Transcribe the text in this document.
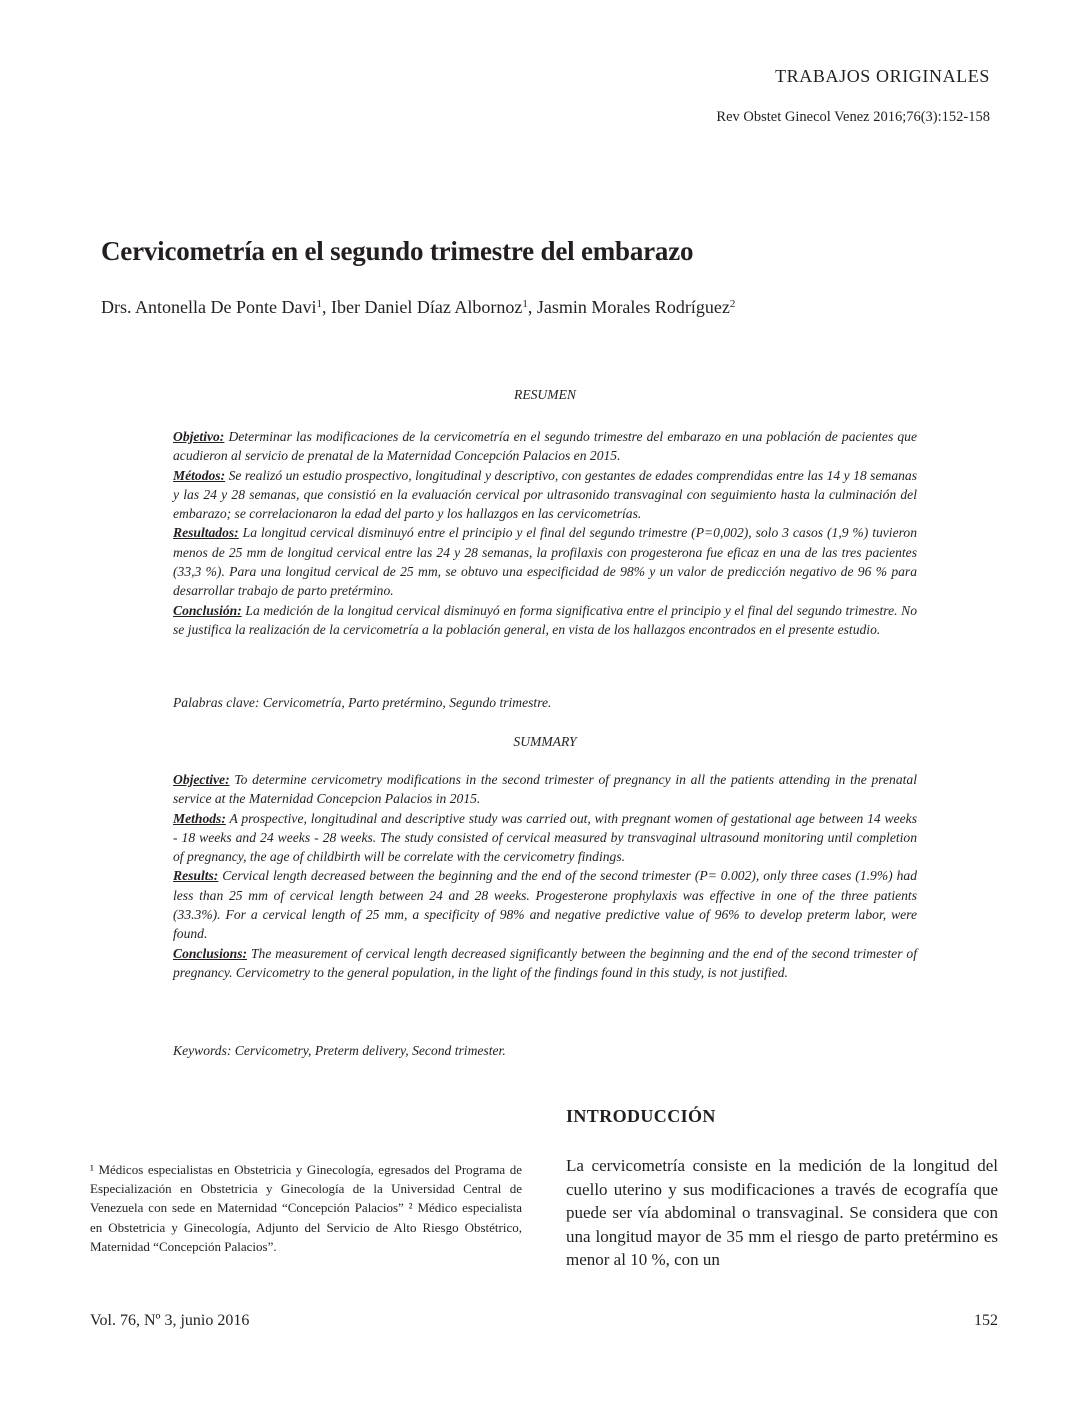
TRABAJOS ORIGINALES
Rev Obstet Ginecol Venez 2016;76(3):152-158
Cervicometría en el segundo trimestre del embarazo
Drs. Antonella De Ponte Davi$^1$, Iber Daniel Díaz Albornoz$^1$, Jasmin Morales Rodríguez$^2$
RESUMEN

Objetivo: Determinar las modificaciones de la cervicometría en el segundo trimestre del embarazo en una población de pacientes que acudieron al servicio de prenatal de la Maternidad Concepción Palacios en 2015.

Métodos: Se realizó un estudio prospectivo, longitudinal y descriptivo, con gestantes de edades comprendidas entre las 14 y 18 semanas y las 24 y 28 semanas, que consistió en la evaluación cervical por ultrasonido transvaginal con seguimiento hasta la culminación del embarazo; se correlacionaron la edad del parto y los hallazgos en las cervicometrías.

Resultados: La longitud cervical disminuyó entre el principio y el final del segundo trimestre (P=0,002), solo 3 casos (1,9 %) tuvieron menos de 25 mm de longitud cervical entre las 24 y 28 semanas, la profilaxis con progesterona fue eficaz en una de las tres pacientes (33,3 %). Para una longitud cervical de 25 mm, se obtuvo una especificidad de 98% y un valor de predicción negativo de 96 % para desarrollar trabajo de parto pretérmino.

Conclusión: La medición de la longitud cervical disminuyó en forma significativa entre el principio y el final del segundo trimestre. No se justifica la realización de la cervicometría a la población general, en vista de los hallazgos encontrados en el presente estudio.

Palabras clave: Cervicometría, Parto pretérmino, Segundo trimestre.
SUMMARY

Objective: To determine cervicometry modifications in the second trimester of pregnancy in all the patients attending in the prenatal service at the Maternidad Concepcion Palacios in 2015.

Methods: A prospective, longitudinal and descriptive study was carried out, with pregnant women of gestational age between 14 weeks - 18 weeks and 24 weeks - 28 weeks. The study consisted of cervical measured by transvaginal ultrasound monitoring until completion of pregnancy, the age of childbirth will be correlate with the cervicometry findings.

Results: Cervical length decreased between the beginning and the end of the second trimester (P= 0.002), only three cases (1.9%) had less than 25 mm of cervical length between 24 and 28 weeks. Progesterone prophylaxis was effective in one of the three patients (33.3%). For a cervical length of 25 mm, a specificity of 98% and negative predictive value of 96% to develop preterm labor, were found.

Conclusions: The measurement of cervical length decreased significantly between the beginning and the end of the second trimester of pregnancy. Cervicometry to the general population, in the light of the findings found in this study, is not justified.

Keywords: Cervicometry, Preterm delivery, Second trimester.
INTRODUCCIÓN

La cervicometría consiste en la medición de la longitud del cuello uterino y sus modificaciones a través de ecografía que puede ser vía abdominal o transvaginal. Se considera que con una longitud mayor de 35 mm el riesgo de parto pretérmino es menor al 10 %, con un

¹ Médicos especialistas en Obstetricia y Ginecología, egresados del Programa de Especialización en Obstetricia y Ginecología de la Universidad Central de Venezuela con sede en Maternidad “Concepción Palacios” ² Médico especialista en Obstetricia y Ginecología, Adjunto del Servicio de Alto Riesgo Obstétrico, Maternidad “Concepción Palacios”.

Vol. 76, Nº 3, junio 2016	152
